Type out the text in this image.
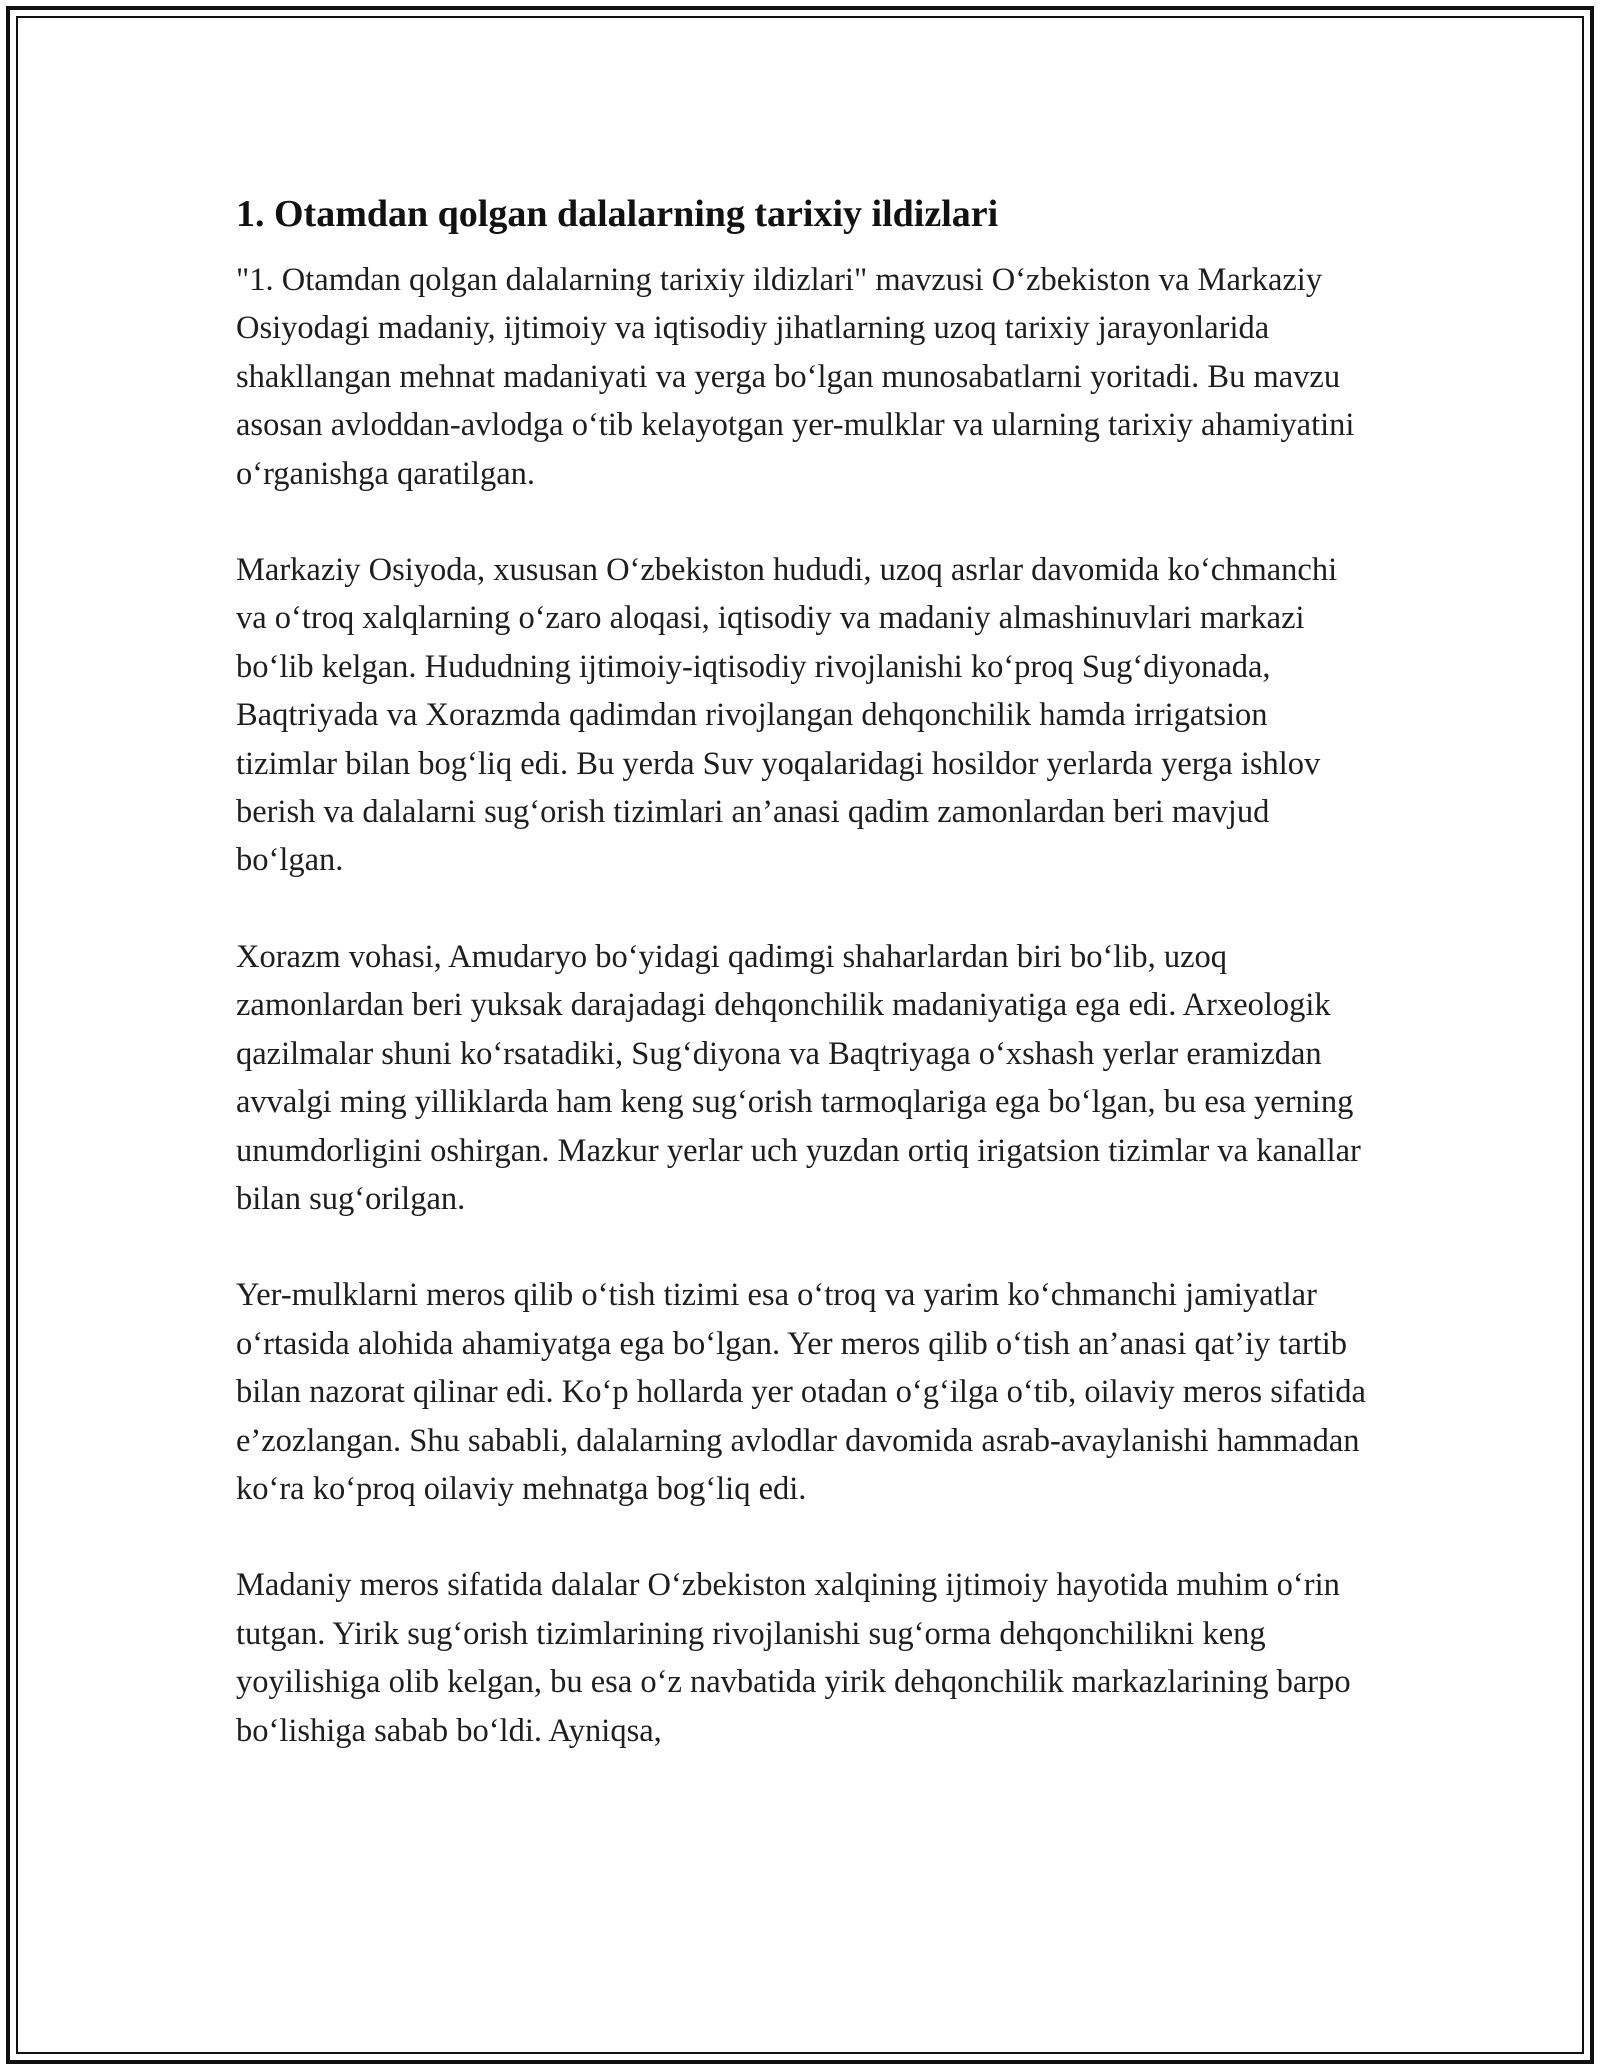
1. Otamdan qolgan dalalarning tarixiy ildizlari

"1. Otamdan qolgan dalalarning tarixiy ildizlari" mavzusi O‘zbekiston va Markaziy Osiyodagi madaniy, ijtimoiy va iqtisodiy jihatlarning uzoq tarixiy jarayonlarida shakllangan mehnat madaniyati va yerga bo‘lgan munosabatlarni yoritadi. Bu mavzu asosan avloddan-avlodga o‘tib kelayotgan yer-mulklar va ularning tarixiy ahamiyatini o‘rganishga qaratilgan.

Markaziy Osiyoda, xususan O‘zbekiston hududi, uzoq asrlar davomida ko‘chmanchi va o‘troq xalqlarning o‘zaro aloqasi, iqtisodiy va madaniy almashinuvlari markazi bo‘lib kelgan. Hududning ijtimoiy-iqtisodiy rivojlanishi ko‘proq Sug‘diyonada, Baqtriyada va Xorazmda qadimdan rivojlangan dehqonchilik hamda irrigatsion tizimlar bilan bog‘liq edi. Bu yerda Suv yoqalaridagi hosildor yerlarda yerga ishlov berish va dalalarni sug‘orish tizimlari an’anasi qadim zamonlardan beri mavjud bo‘lgan.

Xorazm vohasi, Amudaryo bo‘yidagi qadimgi shaharlardan biri bo‘lib, uzoq zamonlardan beri yuksak darajadagi dehqonchilik madaniyatiga ega edi. Arxeologik qazilmalar shuni ko‘rsatadiki, Sug‘diyona va Baqtriyaga o‘xshash yerlar eramizdan avvalgi ming yilliklarda ham keng sug‘orish tarmoqlariga ega bo‘lgan, bu esa yerning unumdorligini oshirgan. Mazkur yerlar uch yuzdan ortiq irigatsion tizimlar va kanallar bilan sug‘orilgan.

Yer-mulklarni meros qilib o‘tish tizimi esa o‘troq va yarim ko‘chmanchi jamiyatlar o‘rtasida alohida ahamiyatga ega bo‘lgan. Yer meros qilib o‘tish an’anasi qat’iy tartib bilan nazorat qilinar edi. Ko‘p hollarda yer otadan o‘g‘ilga o‘tib, oilaviy meros sifatida e’zozlangan. Shu sababli, dalalarning avlodlar davomida asrab-avaylanishi hammadan ko‘ra ko‘proq oilaviy mehnatga bog‘liq edi.

Madaniy meros sifatida dalalar O‘zbekiston xalqining ijtimoiy hayotida muhim o‘rin tutgan. Yirik sug‘orish tizimlarining rivojlanishi sug‘orma dehqonchilikni keng yoyilishiga olib kelgan, bu esa o‘z navbatida yirik dehqonchilik markazlarining barpo bo‘lishiga sabab bo‘ldi. Ayniqsa,
